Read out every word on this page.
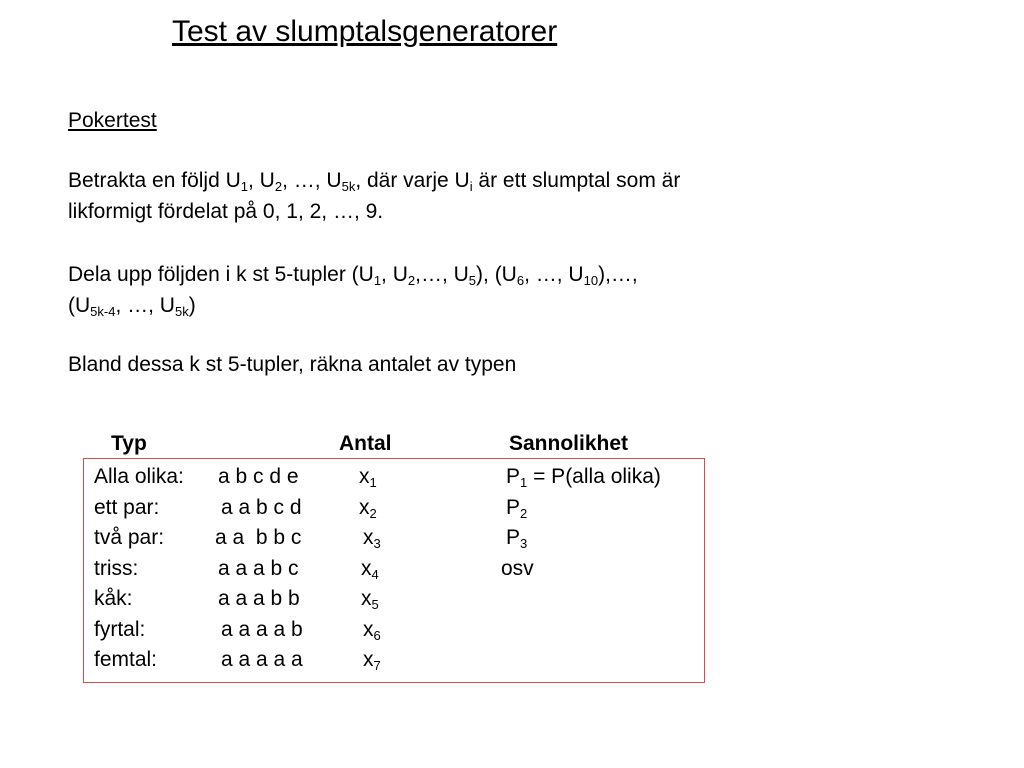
Test av slumptalsgeneratorer
Pokertest
Betrakta en följd $U_1$, $U_2$, …, $U_{5k}$, där varje $U_i$ är ett slumptal som är
likformigt fördelat på 0, 1, 2, …, 9.
Dela upp följden i k st 5-tupler ($U_1$, $U_2,\dots$, $U_5$), ($U_6$, …, $U_{10}),\dots$,
($U_{5k-4}$, …, $U_{5k}$)
Bland dessa k st 5-tupler, räkna antalet av typen
Typ	Antal	Sannolikhet
Alla olika: a b c d e	$x_1$	$P_1$ = P(alla olika)
ett par:	a a b c d	$x_2$	$P_2$
två par: a a  b b c	$x_3$	$P_3$
triss:	a a a b c	$x_4$	osv
kåk:	a a a b b	$x_5$
fyrtal:	a a a a b	$x_6$
femtal:	a a a a a	$x_7$
